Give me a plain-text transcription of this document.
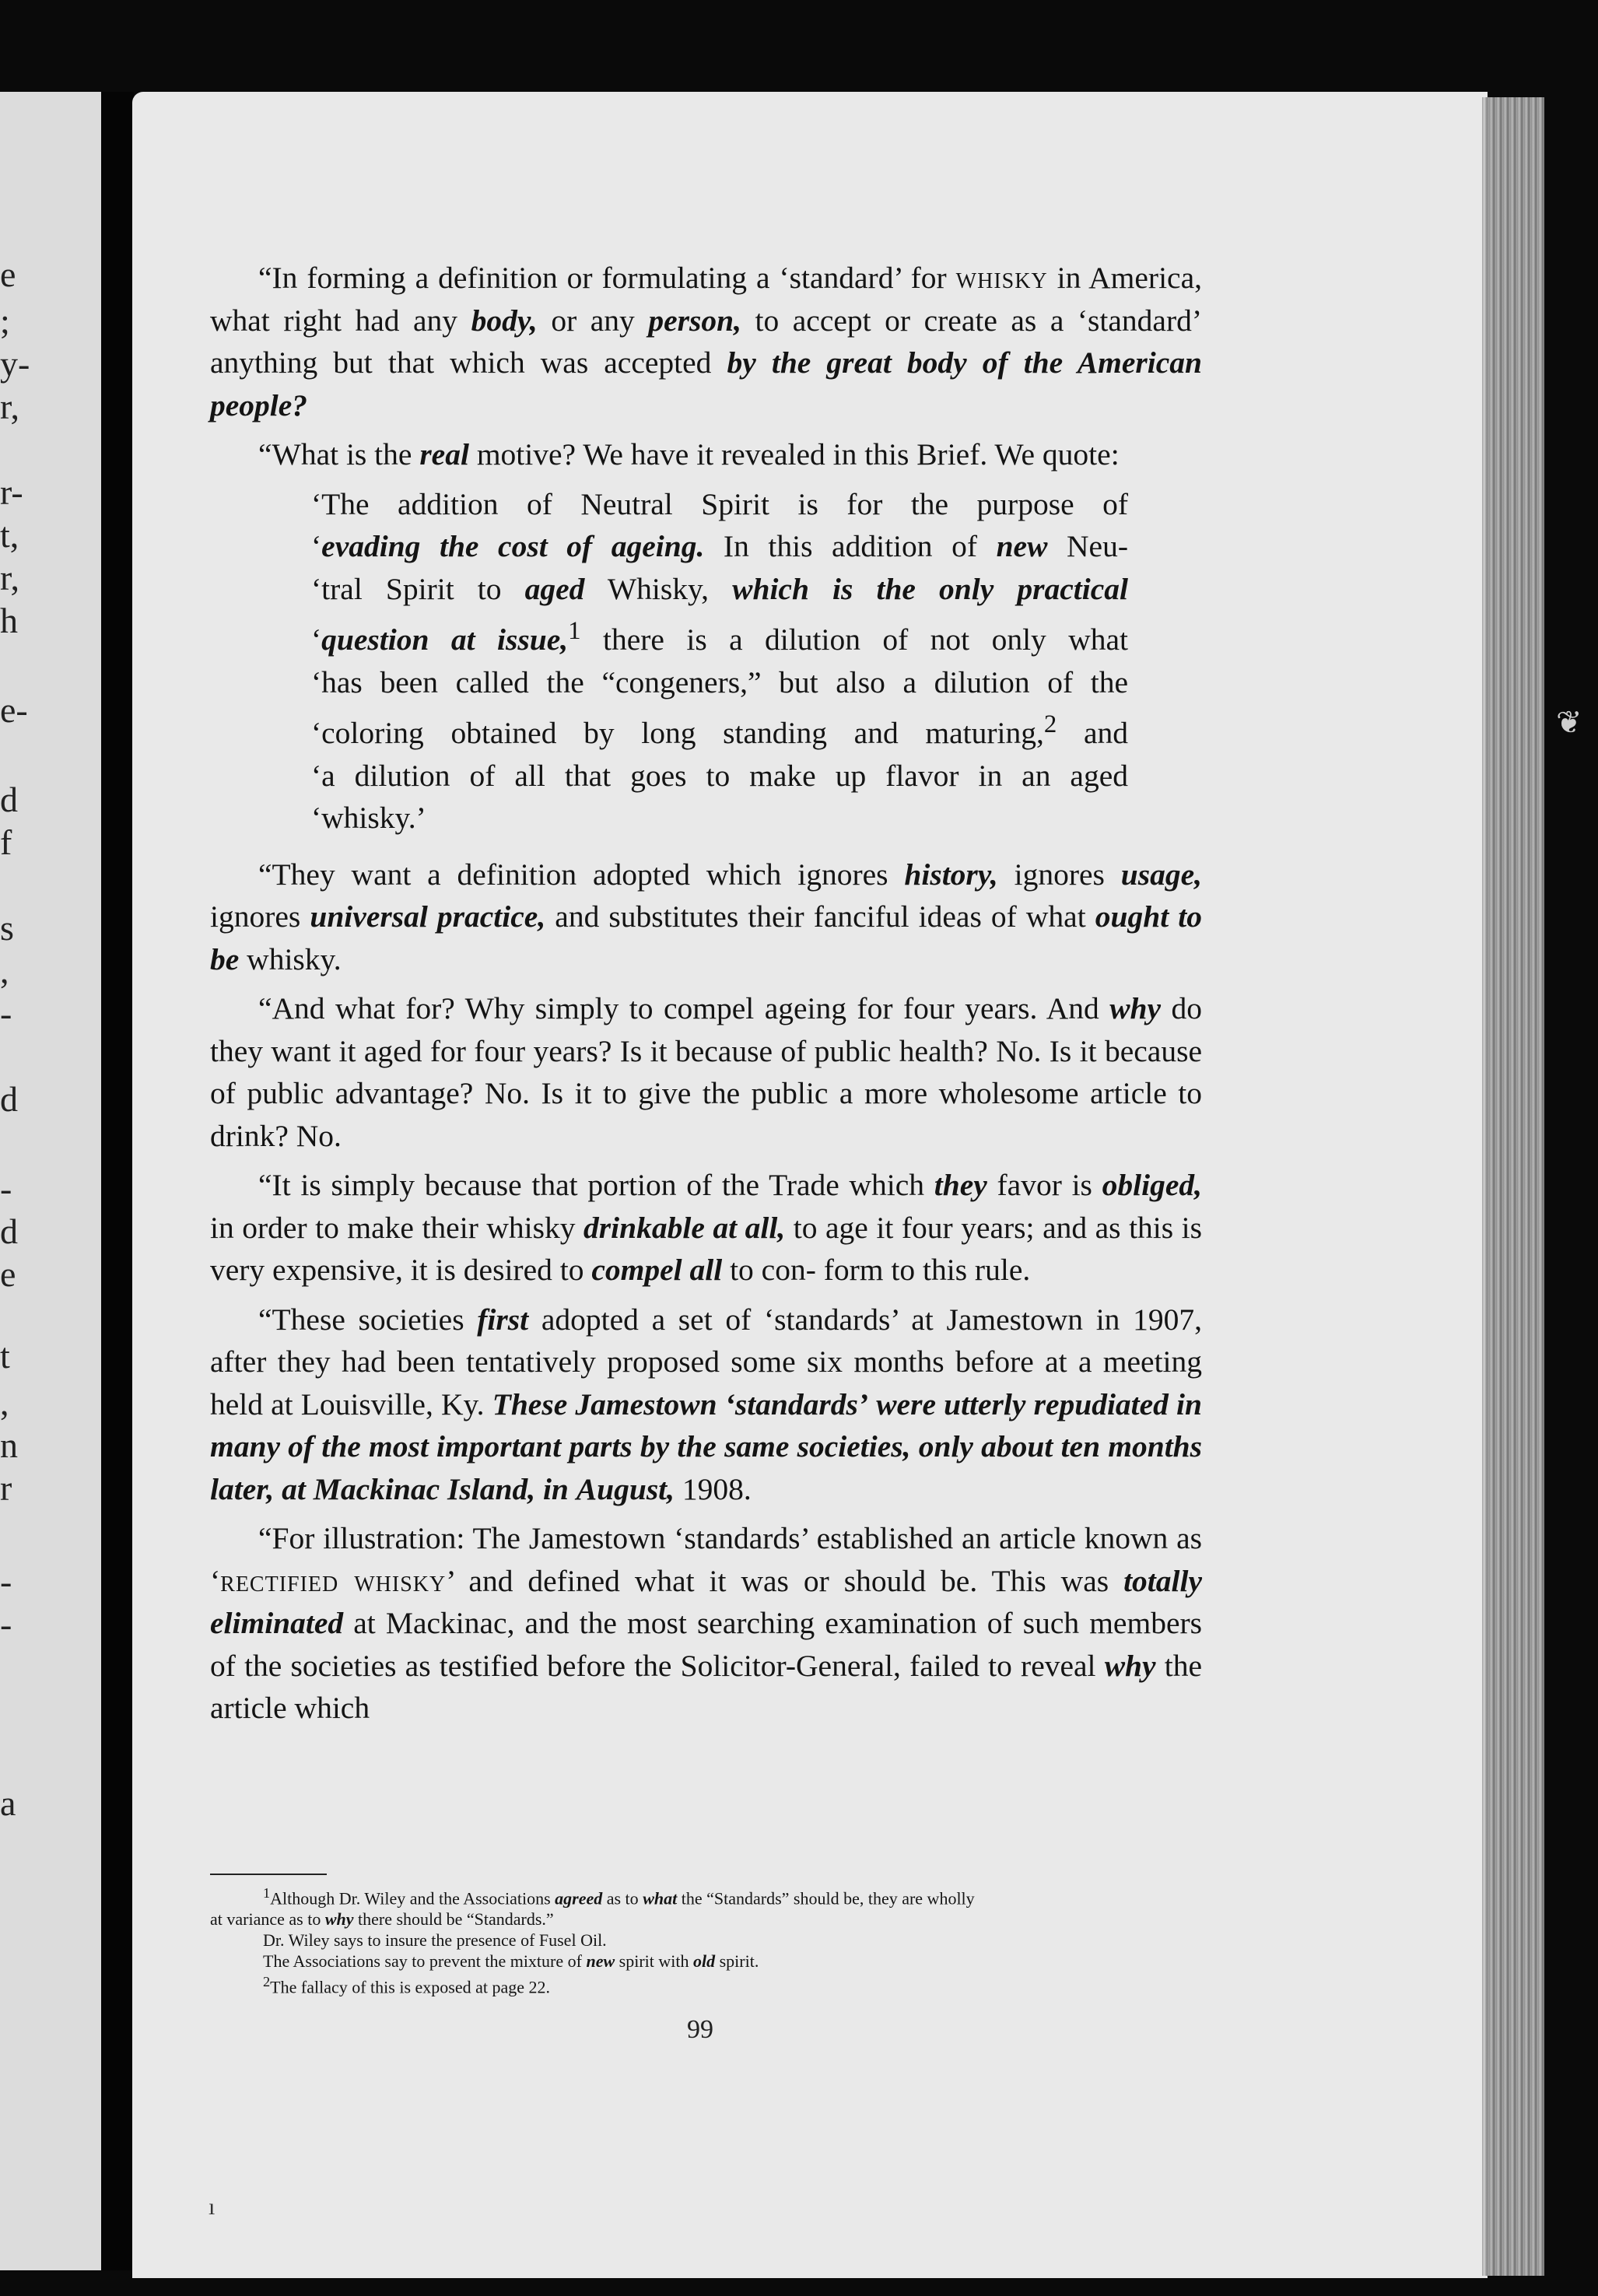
e
;
y-
r,
r-
t,
r,
h
e-
d
f
s
,
-
d
-
d
e
t
,
n
r
-
-
a
❦

“In forming a definition or formulating a ‘standard’ for whisky in America, what right had any body, or any person, to accept or create as a ‘standard’ anything but that which was accepted by the great body of the American people?

“What is the real motive? We have it revealed in this Brief. We quote:

‘The addition of Neutral Spirit is for the purpose of
‘evading the cost of ageing. In this addition of new Neu-
‘tral Spirit to aged Whisky, which is the only practical
‘question at issue,$^1$ there is a dilution of not only what
‘has been called the “congeners,” but also a dilution of the
‘coloring obtained by long standing and maturing,$^2$ and
‘a dilution of all that goes to make up flavor in an aged
‘whisky.’

“They want a definition adopted which ignores history, ignores usage, ignores universal practice, and substitutes their fanciful ideas of what ought to be whisky.

“And what for? Why simply to compel ageing for four years. And why do they want it aged for four years? Is it because of public health? No. Is it because of public advantage? No. Is it to give the public a more wholesome article to drink? No.

“It is simply because that portion of the Trade which they favor is obliged, in order to make their whisky drinkable at all, to age it four years; and as this is very expensive, it is desired to compel all to con- form to this rule.

“These societies first adopted a set of ‘standards’ at Jamestown in 1907, after they had been tentatively proposed some six months before at a meeting held at Louisville, Ky. These Jamestown ‘standards’ were utterly repudiated in many of the most important parts by the same societies, only about ten months later, at Mackinac Island, in August, 1908.

“For illustration: The Jamestown ‘standards’ established an article known as ‘rectified whisky’ and defined what it was or should be. This was totally eliminated at Mackinac, and the most searching examination of such members of the societies as testified before the Solicitor-General, failed to reveal why the article which

$^1$Although Dr. Wiley and the Associations agreed as to what the “Standards” should be, they are wholly
at variance as to why there should be “Standards.”
Dr. Wiley says to insure the presence of Fusel Oil.
The Associations say to prevent the mixture of new spirit with old spirit.
$^2$The fallacy of this is exposed at page 22.
99
ı
